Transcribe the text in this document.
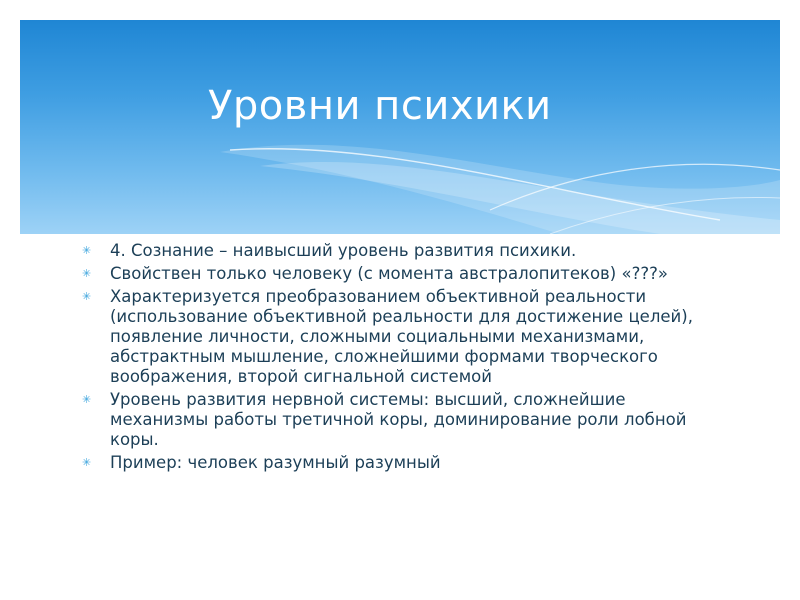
Уровни психики
✳ 4. Сознание – наивысший уровень развития психики.
✳ Свойствен только человеку (с момента австралопитеков) «???»
✳ Характеризуется преобразованием объективной реальности (использование объективной реальности для достижение целей), появление личности, сложными социальными механизмами, абстрактным мышление, сложнейшими формами творческого воображения, второй сигнальной системой
✳ Уровень развития нервной системы: высший, сложнейшие механизмы работы третичной коры, доминирование роли лобной коры.
✳ Пример: человек разумный разумный
